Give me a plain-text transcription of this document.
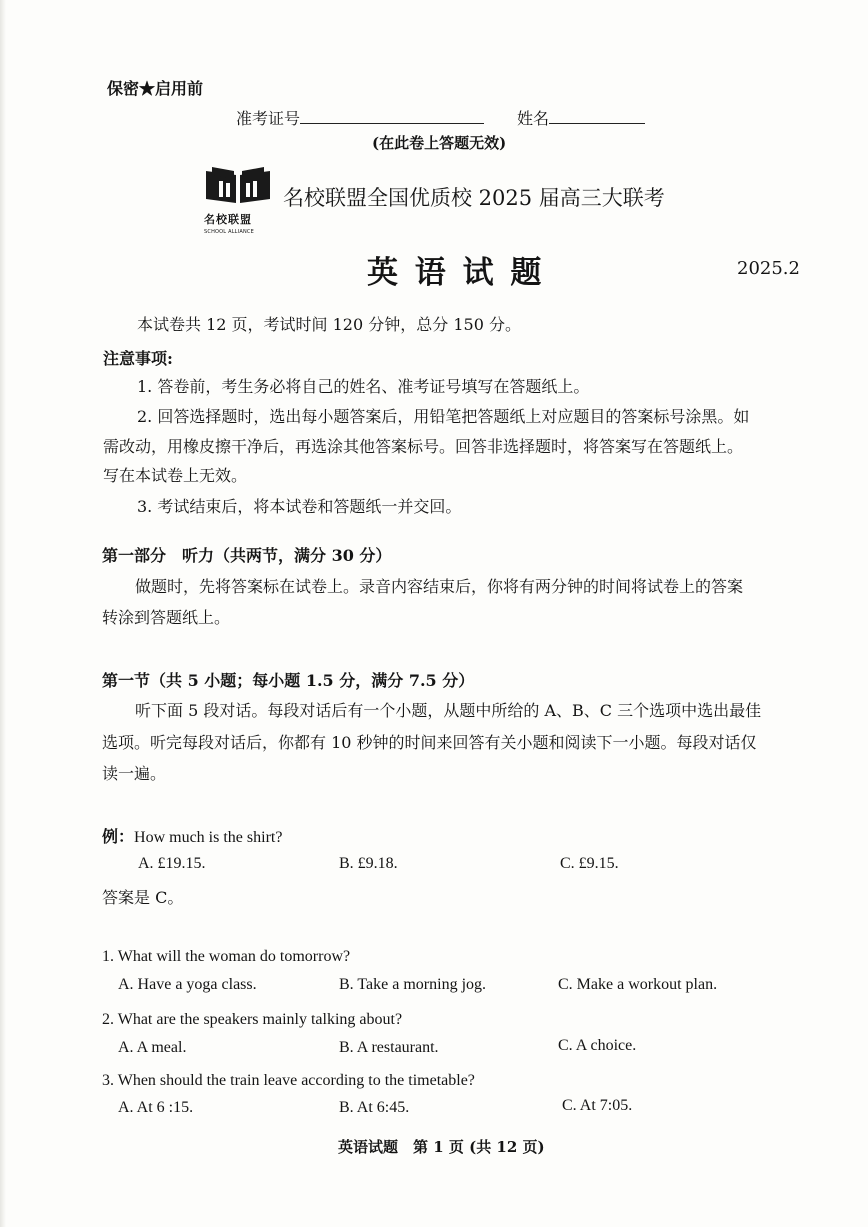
保密★启用前
准考证号	姓名
(在此卷上答题无效)
名校联盟
SCHOOL ALLIANCE
名校联盟全国优质校 2025 届高三大联考
英 语 试 题	2025.2
本试卷共 12 页，考试时间 120 分钟，总分 150 分。
注意事项:
1. 答卷前，考生务必将自己的姓名、准考证号填写在答题纸上。
2. 回答选择题时，选出每小题答案后，用铅笔把答题纸上对应题目的答案标号涂黑。如
需改动，用橡皮擦干净后，再选涂其他答案标号。回答非选择题时，将答案写在答题纸上。
写在本试卷上无效。
3. 考试结束后，将本试卷和答题纸一并交回。
第一部分　听力（共两节，满分 30 分）
做题时，先将答案标在试卷上。录音内容结束后，你将有两分钟的时间将试卷上的答案
转涂到答题纸上。
第一节（共 5 小题；每小题 1.5 分，满分 7.5 分）
听下面 5 段对话。每段对话后有一个小题，从题中所给的 A、B、C 三个选项中选出最佳
选项。听完每段对话后，你都有 10 秒钟的时间来回答有关小题和阅读下一小题。每段对话仅
读一遍。
例：How much is the shirt?
A. £19.15.	B. £9.18.	C. £9.15.
答案是 C。
1. What will the woman do tomorrow?
A. Have a yoga class.	B. Take a morning jog.	C. Make a workout plan.
2. What are the speakers mainly talking about?
A. A meal.	B. A restaurant.	C. A choice.
3. When should the train leave according to the timetable?
A. At 6 :15.	B. At 6:45.	C. At 7:05.
英语试题　第 1 页 (共 12 页)
